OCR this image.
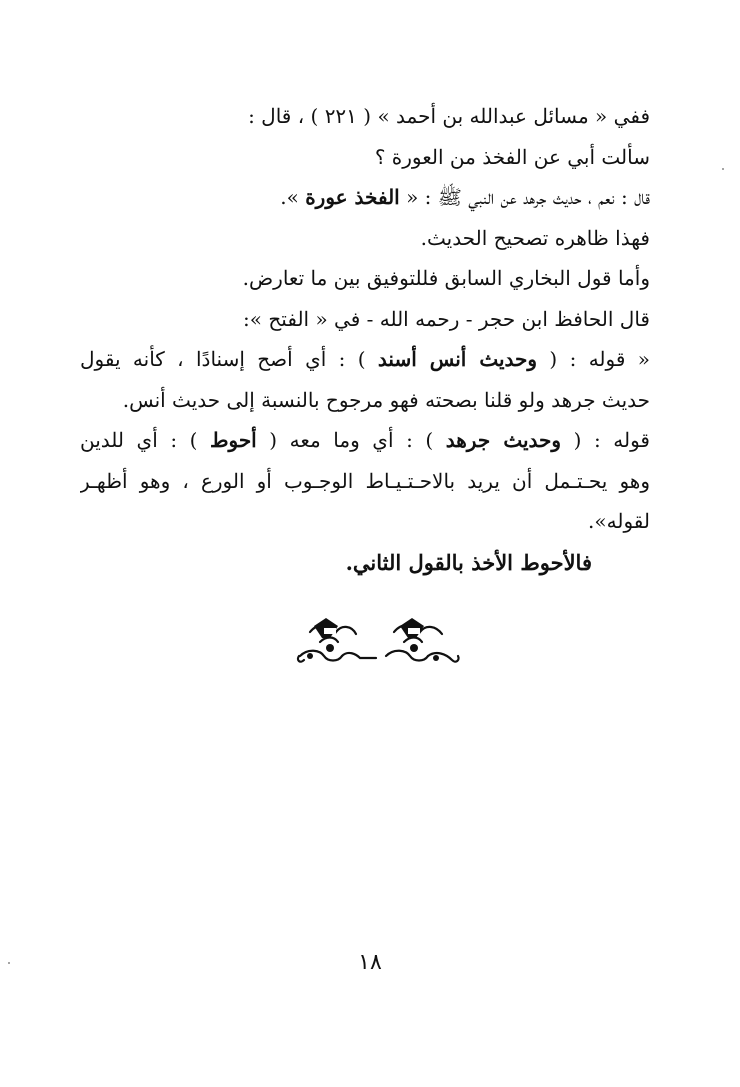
ففي « مسائل عبدالله بن أحمد » ( ٢٢١ ) ، قال :
سألت أبي عن الفخذ من العورة ؟
قال : نعم ، حديث جرهد عن النبي ﷺ : « الفخذ عورة ».
فهذا ظاهره تصحيح الحديث.
وأما قول البخاري السابق فللتوفيق بين ما تعارض.
قال الحافظ ابن حجر - رحمه الله - في « الفتح »:
« قوله : ( وحديث أنس أسند ) : أي أصح إسنادًا ، كأنه يقول
حديث جرهد ولو قلنا بصحته فهو مرجوح بالنسبة إلى حديث أنس.
قوله : ( وحديث جرهد ) : أي وما معه ( أحوط ) : أي للدين
وهو يحـتـمل أن يريد بالاحـتـيـاط الوجـوب أو الورع ، وهو أظهـر
لقوله».
فالأحوط الأخذ بالقول الثاني.
١٨
